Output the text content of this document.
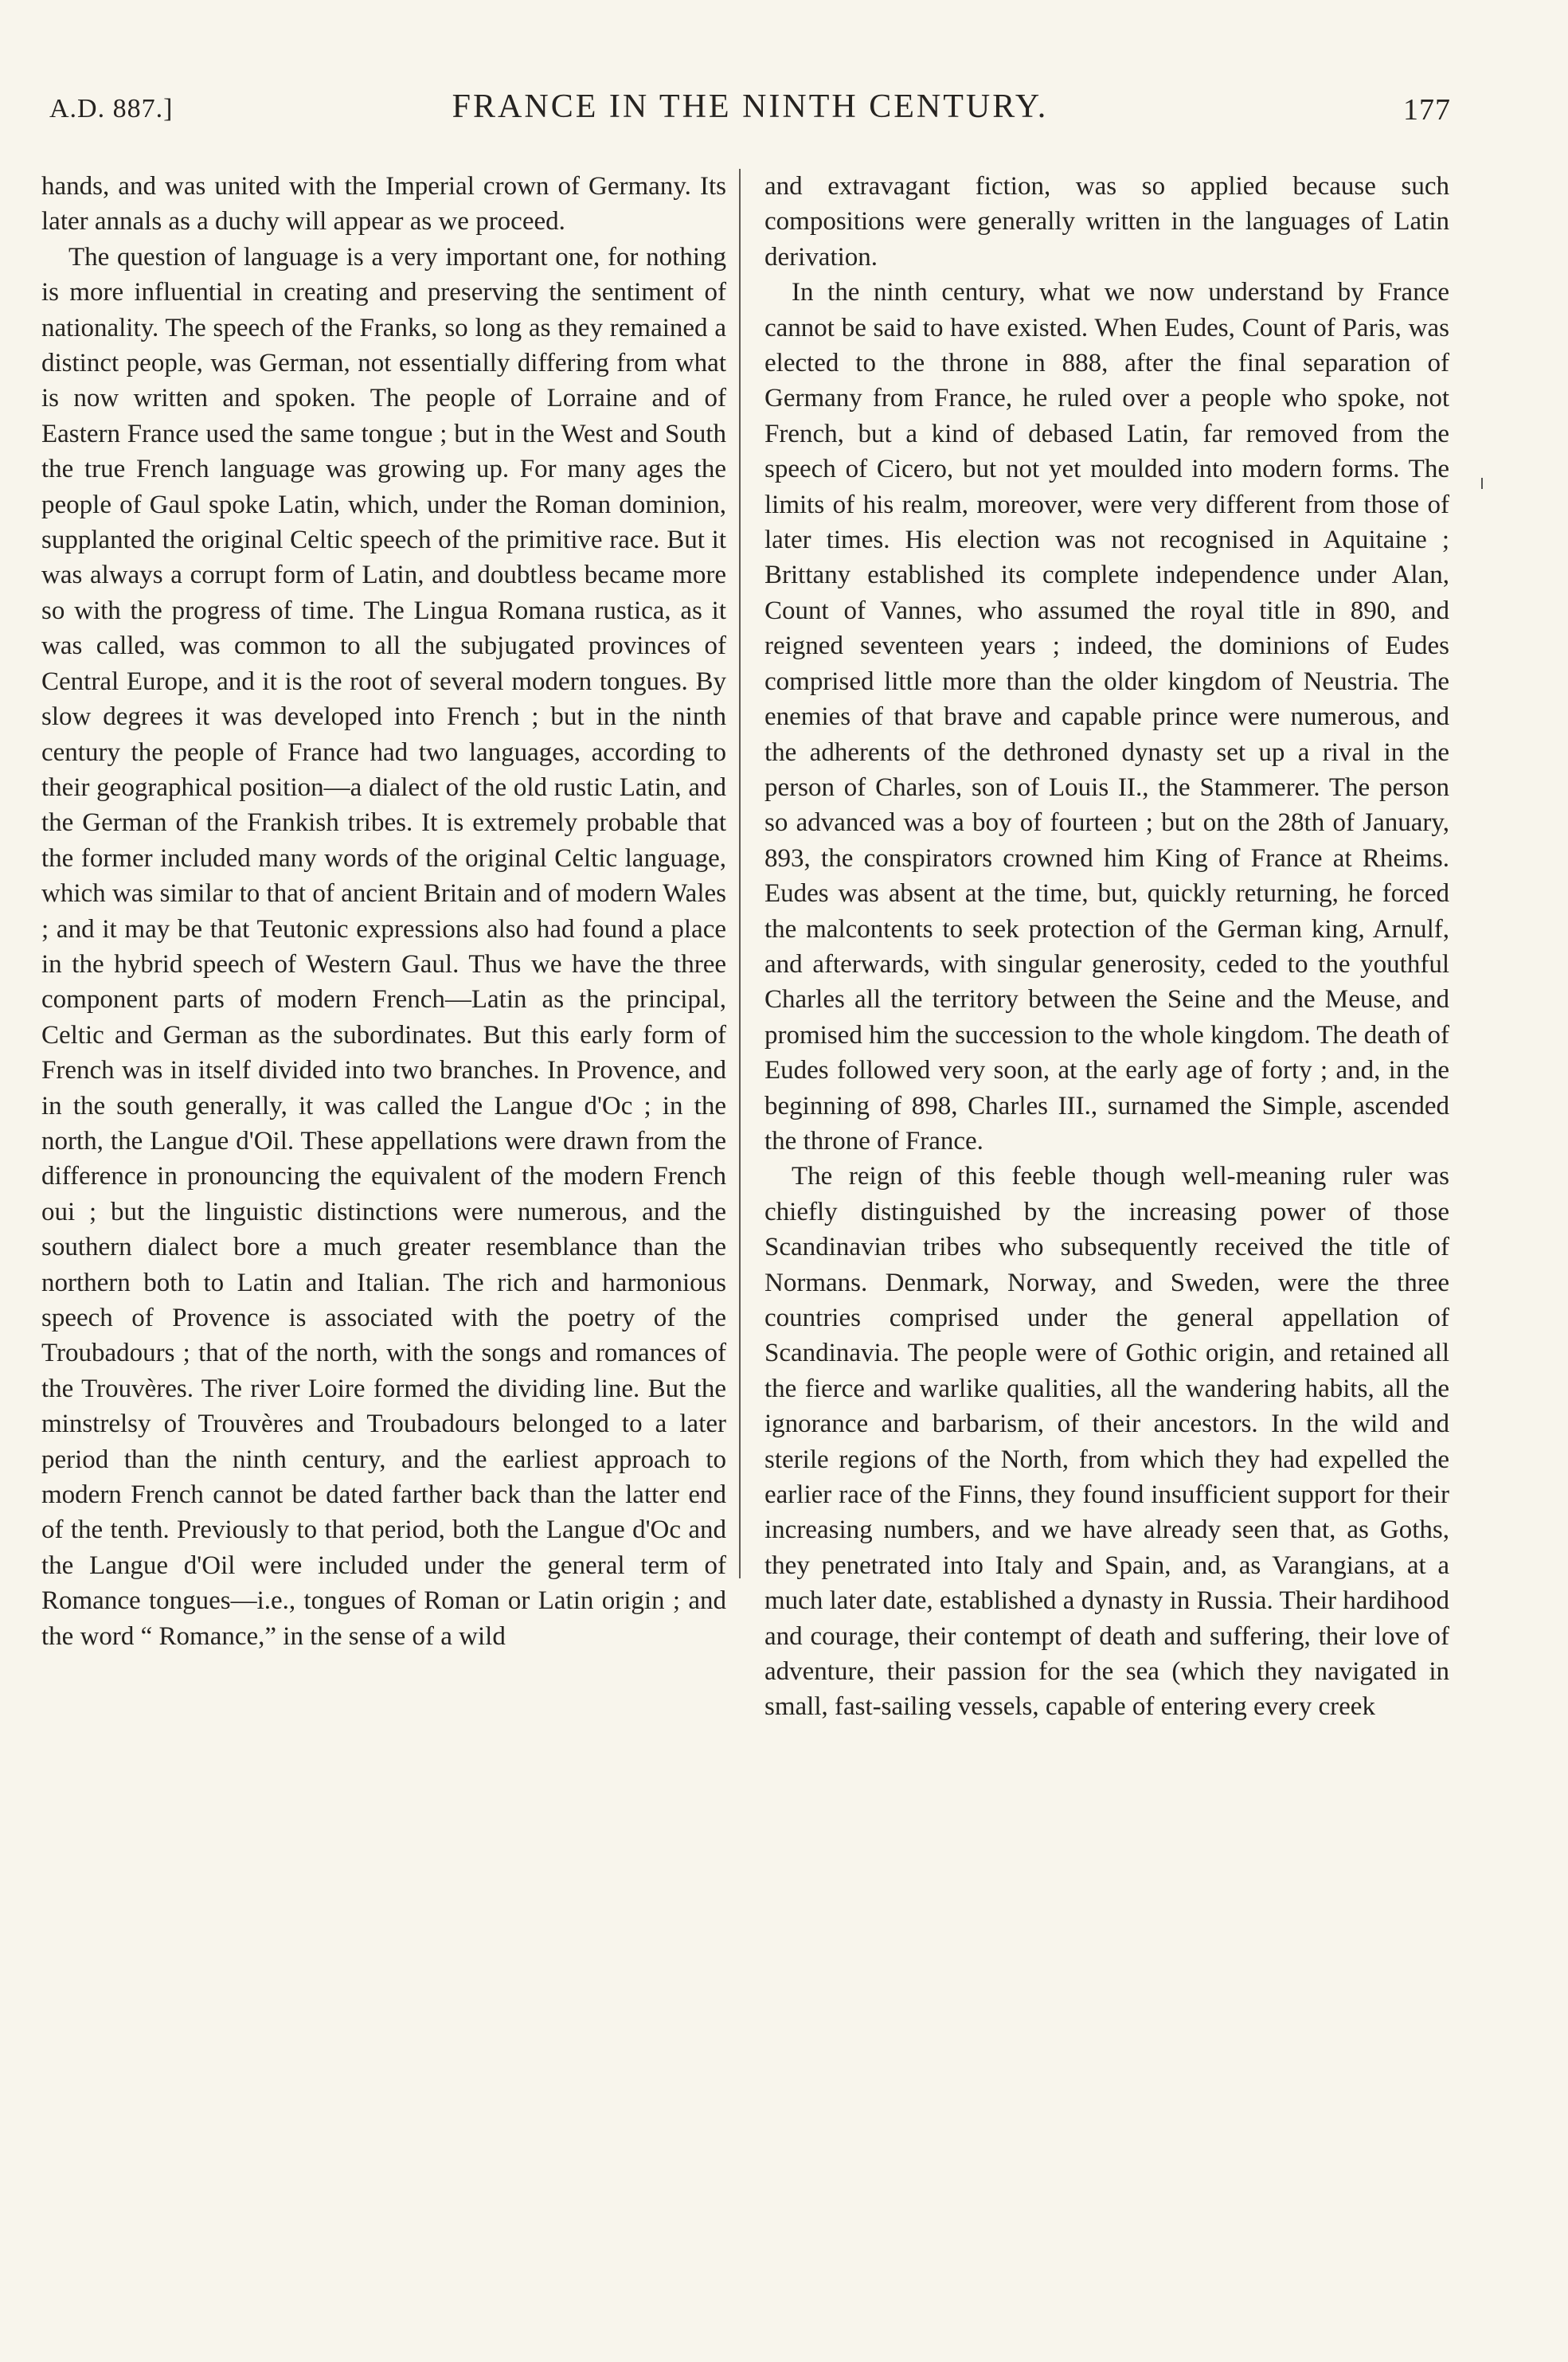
A.D. 887.]	FRANCE IN THE NINTH CENTURY.	177

hands, and was united with the Imperial crown of Germany. Its later annals as a duchy will appear as we proceed.

The question of language is a very important one, for nothing is more influential in creating and preserving the sentiment of nationality. The speech of the Franks, so long as they remained a distinct people, was German, not essentially differing from what is now written and spoken. The people of Lorraine and of Eastern France used the same tongue ; but in the West and South the true French language was growing up. For many ages the people of Gaul spoke Latin, which, under the Roman dominion, supplanted the original Celtic speech of the primitive race. But it was always a corrupt form of Latin, and doubtless became more so with the progress of time. The Lingua Romana rustica, as it was called, was common to all the subjugated provinces of Central Europe, and it is the root of several modern tongues. By slow degrees it was developed into French ; but in the ninth century the people of France had two languages, according to their geographical position—a dialect of the old rustic Latin, and the German of the Frankish tribes. It is extremely probable that the former included many words of the original Celtic language, which was similar to that of ancient Britain and of modern Wales ; and it may be that Teutonic expressions also had found a place in the hybrid speech of Western Gaul. Thus we have the three component parts of modern French—Latin as the principal, Celtic and German as the subordinates. But this early form of French was in itself divided into two branches. In Provence, and in the south generally, it was called the Langue d'Oc ; in the north, the Langue d'Oil. These appellations were drawn from the difference in pronouncing the equivalent of the modern French oui ; but the linguistic distinctions were numerous, and the southern dialect bore a much greater resemblance than the northern both to Latin and Italian. The rich and harmonious speech of Provence is associated with the poetry of the Troubadours ; that of the north, with the songs and romances of the Trouvères. The river Loire formed the dividing line. But the minstrelsy of Trouvères and Troubadours belonged to a later period than the ninth century, and the earliest approach to modern French cannot be dated farther back than the latter end of the tenth. Previously to that period, both the Langue d'Oc and the Langue d'Oil were included under the general term of Romance tongues—i.e., tongues of Roman or Latin origin ; and the word “ Romance,” in the sense of a wild

and extravagant fiction, was so applied because such compositions were generally written in the languages of Latin derivation.

In the ninth century, what we now understand by France cannot be said to have existed. When Eudes, Count of Paris, was elected to the throne in 888, after the final separation of Germany from France, he ruled over a people who spoke, not French, but a kind of debased Latin, far removed from the speech of Cicero, but not yet moulded into modern forms. The limits of his realm, moreover, were very different from those of later times. His election was not recognised in Aquitaine ; Brittany established its complete independence under Alan, Count of Vannes, who assumed the royal title in 890, and reigned seventeen years ; indeed, the dominions of Eudes comprised little more than the older kingdom of Neustria. The enemies of that brave and capable prince were numerous, and the adherents of the dethroned dynasty set up a rival in the person of Charles, son of Louis II., the Stammerer. The person so advanced was a boy of fourteen ; but on the 28th of January, 893, the conspirators crowned him King of France at Rheims. Eudes was absent at the time, but, quickly returning, he forced the malcontents to seek protection of the German king, Arnulf, and afterwards, with singular generosity, ceded to the youthful Charles all the territory between the Seine and the Meuse, and promised him the succession to the whole kingdom. The death of Eudes followed very soon, at the early age of forty ; and, in the beginning of 898, Charles III., surnamed the Simple, ascended the throne of France.

The reign of this feeble though well-meaning ruler was chiefly distinguished by the increasing power of those Scandinavian tribes who subsequently received the title of Normans. Denmark, Norway, and Sweden, were the three countries comprised under the general appellation of Scandinavia. The people were of Gothic origin, and retained all the fierce and warlike qualities, all the wandering habits, all the ignorance and barbarism, of their ancestors. In the wild and sterile regions of the North, from which they had expelled the earlier race of the Finns, they found insufficient support for their increasing numbers, and we have already seen that, as Goths, they penetrated into Italy and Spain, and, as Varangians, at a much later date, established a dynasty in Russia. Their hardihood and courage, their contempt of death and suffering, their love of adventure, their passion for the sea (which they navigated in small, fast-sailing vessels, capable of entering every creek
